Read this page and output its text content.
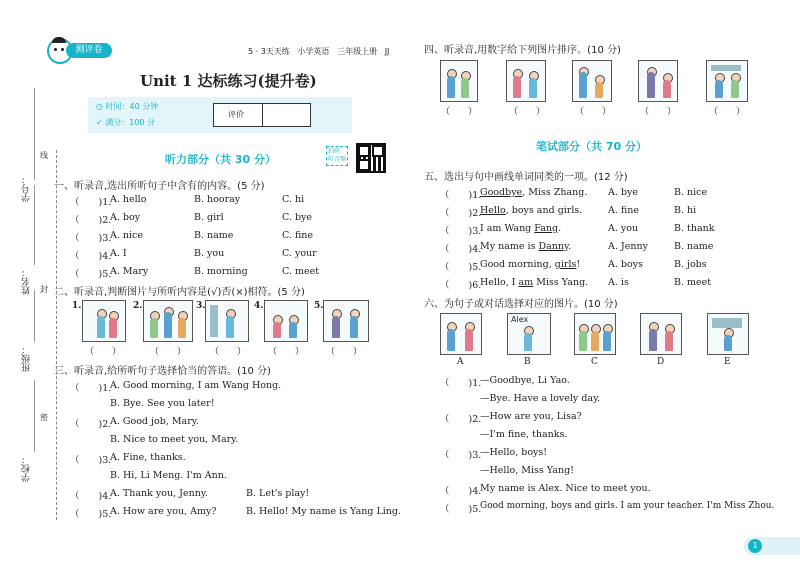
学号：
姓名：
班级：
学校：
线
封
密
测评卷	5 · 3天天练   小学英语   三年级上册   JJ
Unit 1 达标练习(提升卷)
◷ 时间：40 分钟
✓ 满分：100 分
评价
听力部分（共 30 分）
扫码
听音频
一、听录音,选出所听句子中含有的内容。(5 分)
（　　)1.
A. hello	B. hooray	C. hi
（　　)2.
A. boy	B. girl	C. bye
（　　)3.
A. nice	B. name	C. fine
（　　)4.
A. I	B. you	C. your
（　　)5.
A. Mary	B. morning	C. meet
二、听录音,判断图片与所听内容是(√)否(×)相符。(5 分)
1.
（　　）
2.
（　　）
3.
（　　）
4.
（　　）
5.
（　　）
三、听录音,给所听句子选择恰当的答语。(10 分)
（　　)1.
A. Good morning, I am Wang Hong.
B. Bye. See you later!
（　　)2.
A. Good job, Mary.
B. Nice to meet you, Mary.
（　　)3.
A. Fine, thanks.
B. Hi, Li Meng. I'm Ann.
（　　)4.
A. Thank you, Jenny.	B. Let's play!
（　　)5.
A. How are you, Amy?	B. Hello! My name is Yang Ling.
四、听录音,用数字给下列图片排序。(10 分)
（　　）	（　　）	（　　）	（　　）	（　　）
笔试部分（共 70 分）
五、选出与句中画线单词同类的一项。(12 分)
（　　)1.
Goodbye, Miss Zhang. A. bye	B. nice
（　　)2.
Hello, boys and girls.	A. fine	B. hi
（　　)3.
I am Wang Fang.	A. you	B. thank
（　　)4.
My name is Danny.	A. Jenny	B. name
（　　)5.
Good morning, girls!	A. boys	B. jobs
（　　)6.
Hello, I am Miss Yang. A. is	B. meet
六、为句子或对话选择对应的图片。(10 分)
A
Alex
B	C	D	E
（　　)1.
—Goodbye, Li Yao.
—Bye. Have a lovely day.
（　　)2.
—How are you, Lisa?
—I'm fine, thanks.
（　　)3.
—Hello, boys!
—Hello, Miss Yang!
（　　)4.
My name is Alex. Nice to meet you.
（　　)5.
Good morning, boys and girls. I am your teacher. I'm Miss Zhou.
1
